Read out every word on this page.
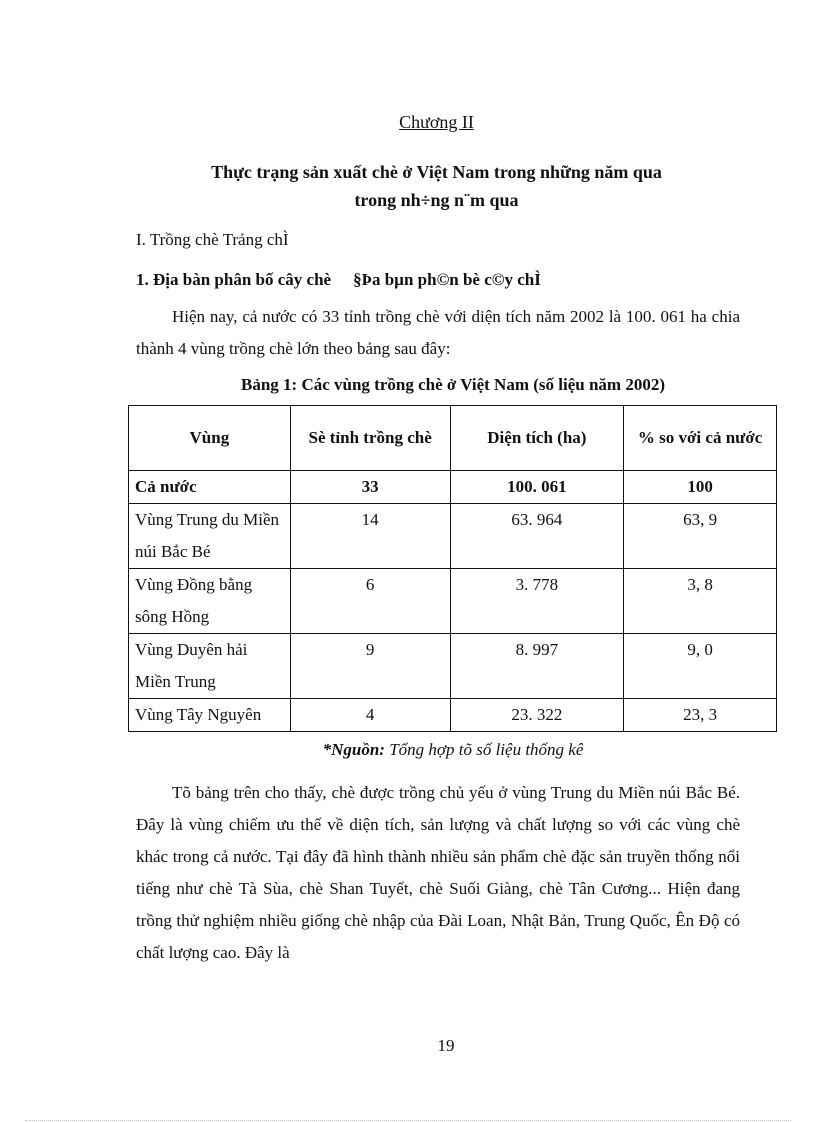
Chương II
Thực trạng sản xuất chè ở Việt Nam trong những năm qua
trong nh÷ng n¨m qua
I. Trồng chè Trảng chÌ
1. Địa bàn phân bố cây chè §Þa bµn ph©n bè c©y chÌ
Hiện nay, cả nước có 33 tỉnh trồng chè với diện tích năm 2002 là 100. 061 ha chia thành 4 vùng trồng chè lớn theo bảng sau đây:
Bảng 1: Các vùng trồng chè ở Việt Nam (số liệu năm 2002)
Vùng	Sè tỉnh trồng chè	Diện tích (ha)	% so với cả nước
Cả nước	33	100. 061	100
Vùng Trung du Miền núi Bắc Bé	14	63. 964	63, 9
Vùng Đồng bằng sông Hồng	6	3. 778	3, 8
Vùng Duyên hải Miền Trung	9	8. 997	9, 0
Vùng Tây Nguyên	4	23. 322	23, 3
*Nguồn: Tổng hợp tõ số liệu thống kê
Tõ bảng trên cho thấy, chè được trồng chủ yếu ở vùng Trung du Miền núi Bắc Bé. Đây là vùng chiếm ưu thế về diện tích, sản lượng và chất lượng so với các vùng chè khác trong cả nước. Tại đây đã hình thành nhiều sản phẩm chè đặc sản truyền thống nổi tiếng như chè Tà Sùa, chè Shan Tuyết, chè Suối Giàng, chè Tân Cương... Hiện đang trồng thử nghiệm nhiều giống chè nhập của Đài Loan, Nhật Bản, Trung Quốc, Ên Độ có chất lượng cao. Đây là
19
